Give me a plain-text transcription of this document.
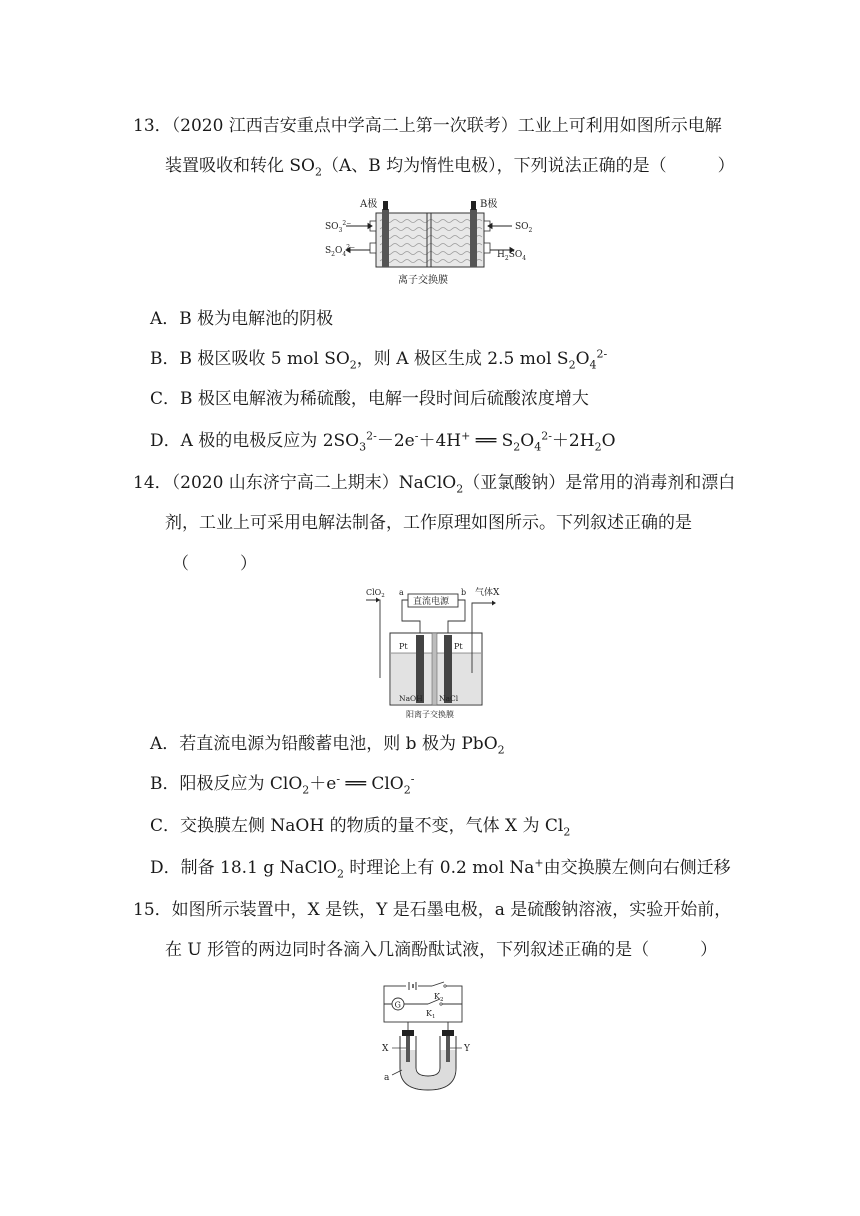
13．（2020 江西吉安重点中学高二上第一次联考）工业上可利用如图所示电解
装置吸收和转化 $SO_2(A$、B 均为惰性电极），下列说法正确的是（　　　）
A极	B极
$SO_3^{2-}$
$S_2O_4^{2-}$
$SO_2$
$H_2SO_4$
离子交换膜
A．B 极为电解池的阴极
B．B 极区吸收 5 mol $SO_2$，则 A 极区生成 2.5 mol $S_2O_4^{2-}$
C．B 极区电解液为稀硫酸，电解一段时间后硫酸浓度增大
D．A 极的电极反应为 $2SO_3^{2-}-2e^-+4H^+$ ══ $S_2O_4^{2-}+2H_2O$
14．（2020 山东济宁高二上期末）NaClO$_2$（亚氯酸钠）是常用的消毒剂和漂白
剂，工业上可采用电解法制备，工作原理如图所示。下列叙述正确的是
（　　　）
直流电源
a	b
ClO$_2$	气体X
Pt	Pt
NaOH NaCl
阳离子交换膜
A．若直流电源为铅酸蓄电池，则 b 极为 PbO$_2$
B．阳极反应为 ClO$_2$＋e- ══ ClO$_2$-
C．交换膜左侧 NaOH 的物质的量不变，气体 X 为 $Cl_2$
D．制备 18.1 g NaClO$_2$ 时理论上有 0.2 mol Na+由交换膜左侧向右侧迁移
15．如图所示装置中，X 是铁，Y 是石墨电极，a 是硫酸钠溶液，实验开始前，
在 U 形管的两边同时各滴入几滴酚酞试液，下列叙述正确的是（　　　）
G
$K_2$
$K_1$
X	Y
a
